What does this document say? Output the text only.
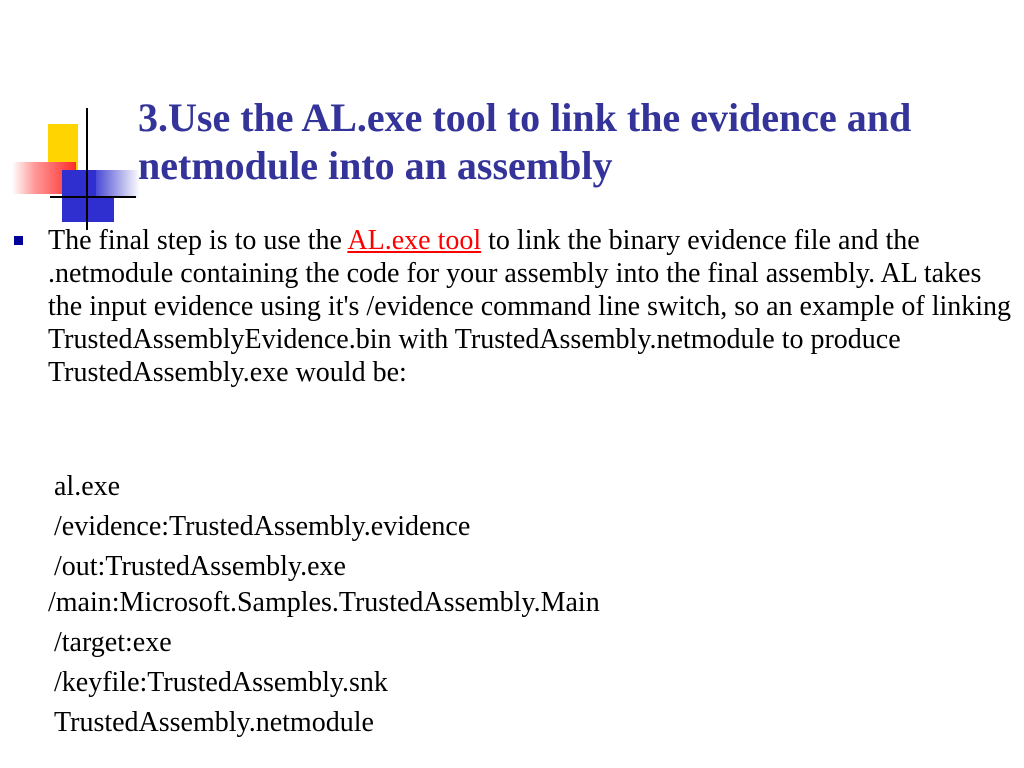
3.Use the AL.exe tool to link the evidence and netmodule into an assembly
The final step is to use the AL.exe tool to link the binary evidence file and the .netmodule containing the code for your assembly into the final assembly. AL takes the input evidence using it's /evidence command line switch, so an example of linking TrustedAssemblyEvidence.bin with TrustedAssembly.netmodule to produce TrustedAssembly.exe would be:
al.exe
/evidence:TrustedAssembly.evidence
/out:TrustedAssembly.exe
/main:Microsoft.Samples.TrustedAssembly.Main
/target:exe
/keyfile:TrustedAssembly.snk
TrustedAssembly.netmodule
